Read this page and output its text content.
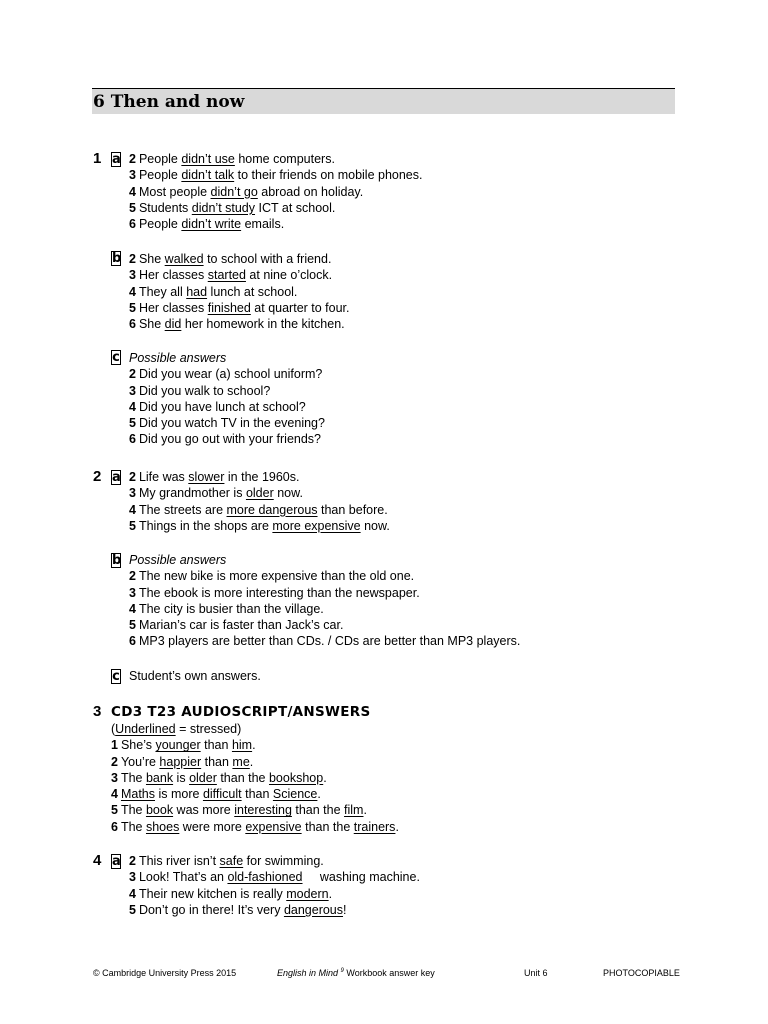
6 Then and now
1 a 2 People didn’t use home computers.
3 People didn’t talk to their friends on mobile phones.
4 Most people didn’t go abroad on holiday.
5 Students didn’t study ICT at school.
6 People didn’t write emails.
b 2 She walked to school with a friend.
3 Her classes started at nine o’clock.
4 They all had lunch at school.
5 Her classes finished at quarter to four.
6 She did her homework in the kitchen.
c Possible answers
2 Did you wear (a) school uniform?
3 Did you walk to school?
4 Did you have lunch at school?
5 Did you watch TV in the evening?
6 Did you go out with your friends?
2 a 2 Life was slower in the 1960s.
3 My grandmother is older now.
4 The streets are more dangerous than before.
5 Things in the shops are more expensive now.
b Possible answers
2 The new bike is more expensive than the old one.
3 The ebook is more interesting than the newspaper.
4 The city is busier than the village.
5 Marian’s car is faster than Jack’s car.
6 MP3 players are better than CDs. / CDs are better than MP3 players.
c Student’s own answers.
3 CD3 T23 AUDIOSCRIPT/ANSWERS
(Underlined = stressed)
1 She’s younger than him.
2 You’re happier than me.
3 The bank is older than the bookshop.
4 Maths is more difficult than Science.
5 The book was more interesting than the film.
6 The shoes were more expensive than the trainers.
4 a 2 This river isn’t safe for swimming.
3 Look! That’s an old-fashioned     washing machine.
4 Their new kitchen is really modern.
5 Don’t go in there! It’s very dangerous!
© Cambridge University Press 2015	English in Mind $^9$ Workbook answer key	Unit 6	PHOTOCOPIABLE
